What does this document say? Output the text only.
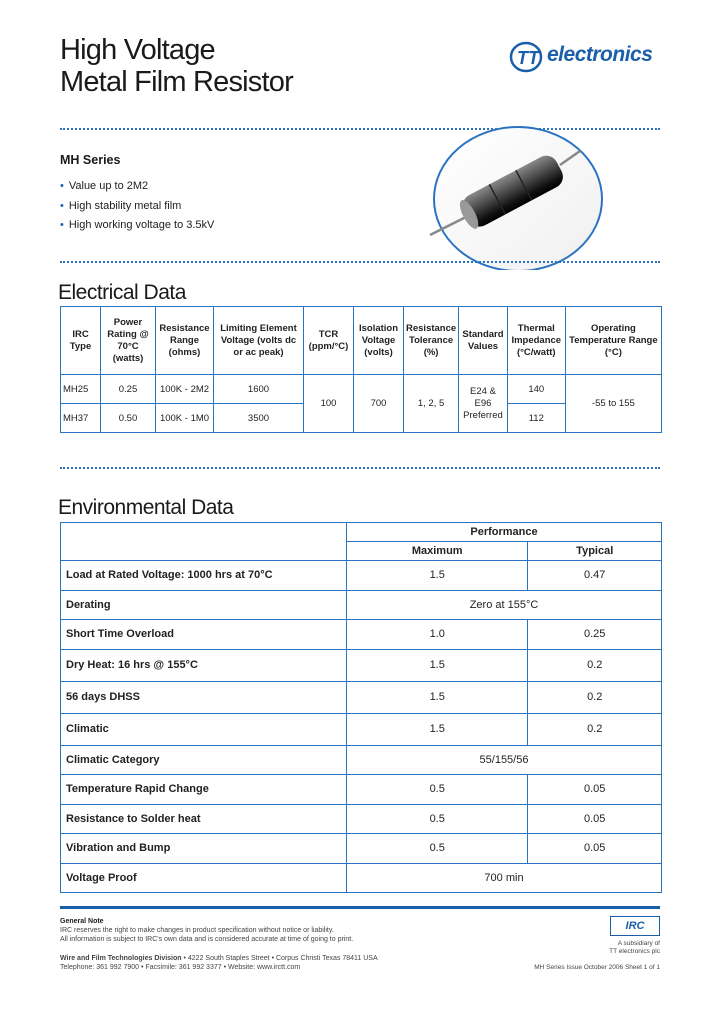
High Voltage
Metal Film Resistor
TT electronics
MH Series
• Value up to 2M2
• High stability metal film
• High working voltage to 3.5kV
Electrical Data
IRC Type	Power Rating @ 70°C (watts)	Resistance Range (ohms)	Limiting Element Voltage (volts dc or ac peak)	TCR (ppm/°C)	Isolation Voltage (volts)	Resistance Tolerance (%)	Standard Values	Thermal Impedance (°C/watt)	Operating Temperature Range (°C)
MH25	0.25	100K - 2M2	1600	100	700	1, 2, 5	E24 & E96 Preferred	140	-55 to 155
MH37	0.50	100K - 1M0	3500					112	
Environmental Data
	Performance	
	Maximum	Typical
Load at Rated Voltage: 1000 hrs at 70°C	1.5	0.47
Derating	Zero at 155°C	
Short Time Overload	1.0	0.25
Dry Heat: 16 hrs @ 155°C	1.5	0.2
56 days DHSS	1.5	0.2
Climatic	1.5	0.2
Climatic Category	55/155/56	
Temperature Rapid Change	0.5	0.05
Resistance to Solder heat	0.5	0.05
Vibration and Bump	0.5	0.05
Voltage Proof	700 min	
General Note
IRC reserves the right to make changes in product specification without notice or liability.
All information is subject to IRC's own data and is considered accurate at time of going to print.
Wire and Film Technologies Division • 4222 South Staples Street • Corpus Christi Texas 78411 USA
Telephone: 361 992 7900 • Facsimile: 361 992 3377 • Website: www.irctt.com
IRC
A subsidiary of
TT electronics plc
MH Series Issue October 2006 Sheet 1 of 1
